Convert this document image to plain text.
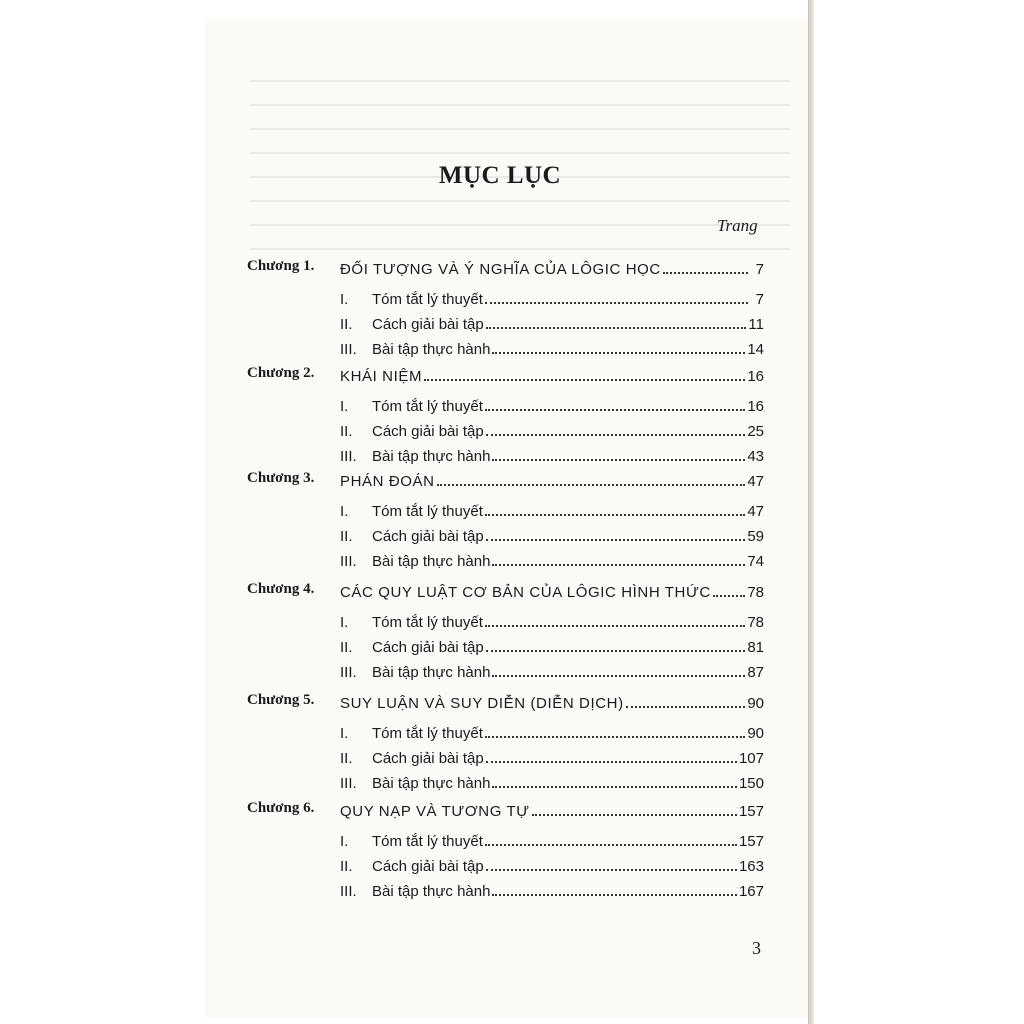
MỤC LỤC
Trang
Chương 1. ĐỐI TƯỢNG VÀ Ý NGHĨA CỦA LÔGIC HỌC	7
I.	Tóm tắt lý thuyết	7
II.	Cách giải bài tập	11
III.	Bài tập thực hành	14
Chương 2. KHÁI NIỆM	16
I.	Tóm tắt lý thuyết	16
II.	Cách giải bài tập	25
III.	Bài tập thực hành	43
Chương 3. PHÁN ĐOÁN	47
I.	Tóm tắt lý thuyết	47
II.	Cách giải bài tập	59
III.	Bài tập thực hành	74
Chương 4. CÁC QUY LUẬT CƠ BẢN CỦA LÔGIC HÌNH THỨC 78
I.	Tóm tắt lý thuyết	78
II.	Cách giải bài tập	81
III.	Bài tập thực hành	87
Chương 5. SUY LUẬN VÀ SUY DIỄN (DIỄN DỊCH)	90
I.	Tóm tắt lý thuyết	90
II.	Cách giải bài tập	107
III.	Bài tập thực hành	150
Chương 6. QUY NẠP VÀ TƯƠNG TỰ	157
I.	Tóm tắt lý thuyết	157
II.	Cách giải bài tập	163
III.	Bài tập thực hành	167
3
